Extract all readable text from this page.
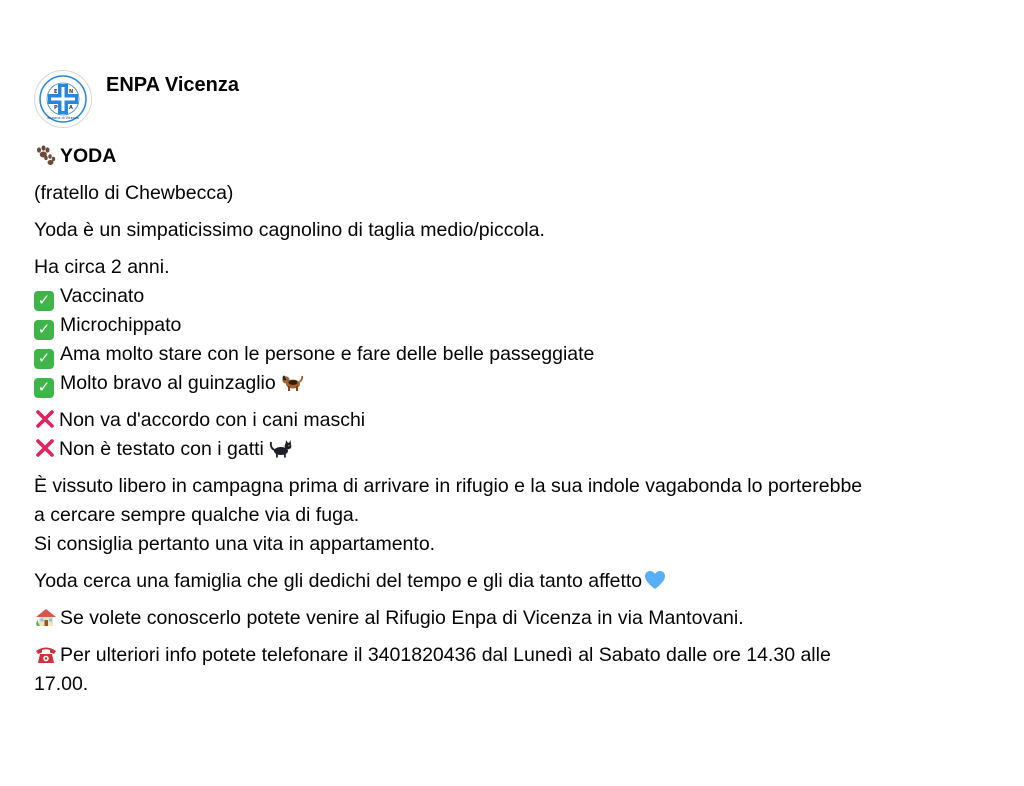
E N
P A
Sezione di Vicenza
ENPA Vicenza

YODA

(fratello di Chewbecca)

Yoda è un simpaticissimo cagnolino di taglia medio/piccola.

Ha circa 2 anni.
✓ Vaccinato
✓ Microchippato
✓ Ama molto stare con le persone e fare delle belle passeggiate
✓ Molto bravo al guinzaglio

Non va d'accordo con i cani maschi
Non è testato con i gatti

È vissuto libero in campagna prima di arrivare in rifugio e la sua indole vagabonda lo porterebbe
a cercare sempre qualche via di fuga.
Si consiglia pertanto una vita in appartamento.

Yoda cerca una famiglia che gli dedichi del tempo e gli dia tanto affetto

Se volete conoscerlo potete venire al Rifugio Enpa di Vicenza in via Mantovani.

Per ulteriori info potete telefonare il 3401820436 dal Lunedì al Sabato dalle ore 14.30 alle
17.00.
